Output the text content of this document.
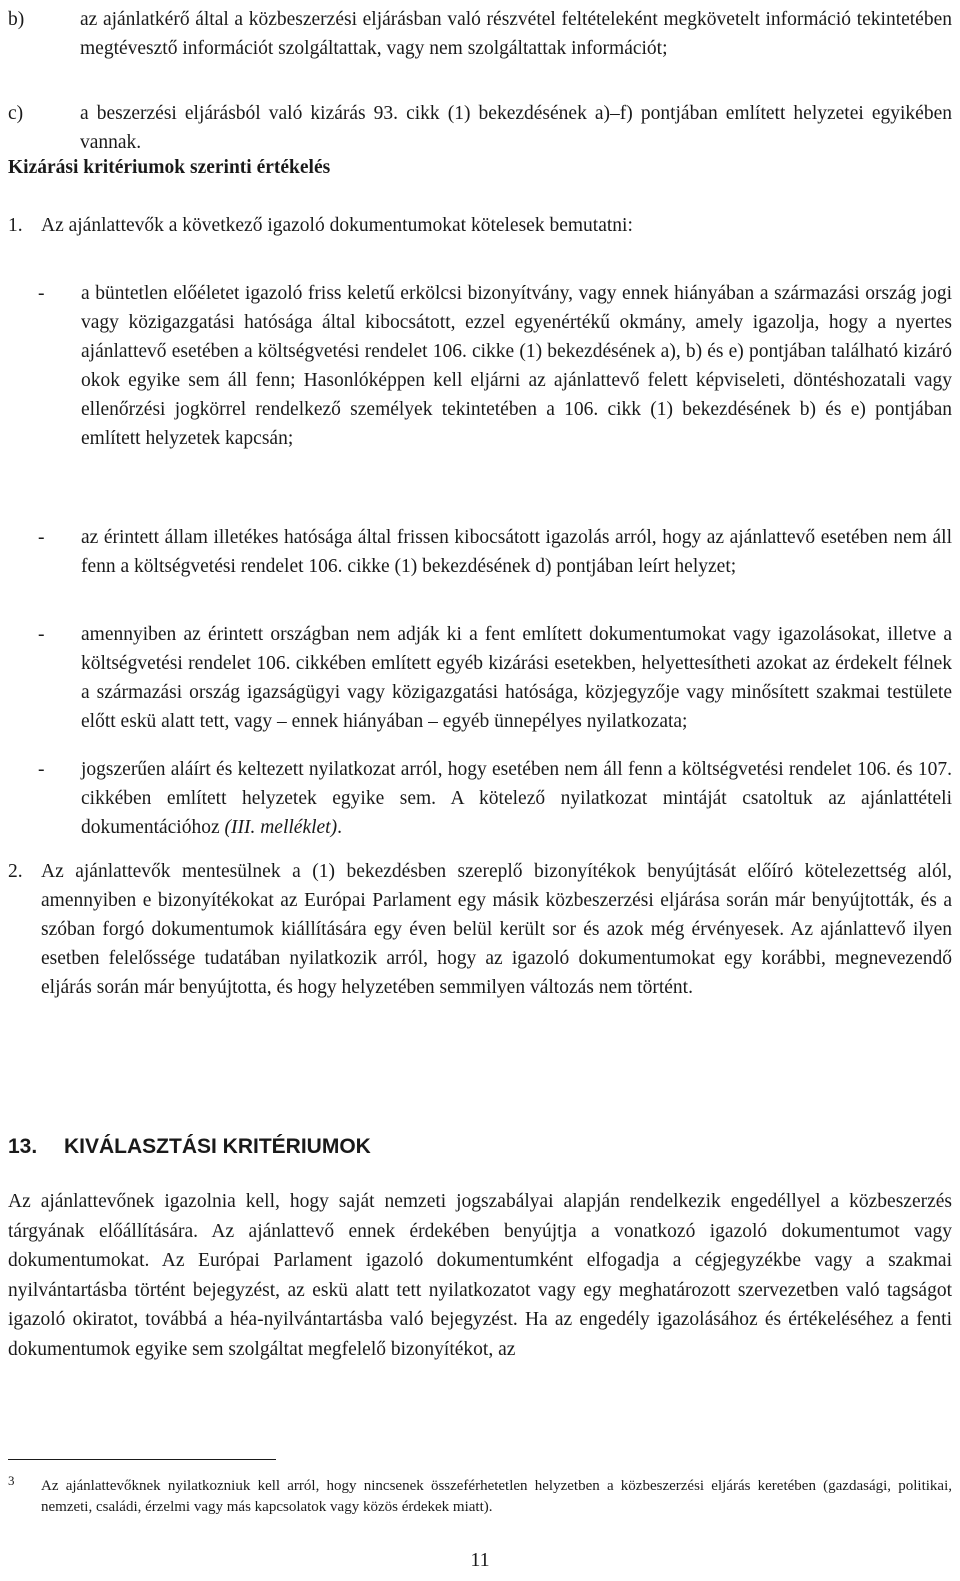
b)	az ajánlatkérő által a közbeszerzési eljárásban való részvétel feltételeként megkövetelt információ tekintetében megtévesztő információt szolgáltattak, vagy nem szolgáltattak információt;
c)	a beszerzési eljárásból való kizárás 93. cikk (1) bekezdésének a)–f) pontjában említett helyzetei egyikében vannak.
Kizárási kritériumok szerinti értékelés
1. Az ajánlattevők a következő igazoló dokumentumokat kötelesek bemutatni:
- a büntetlen előéletet igazoló friss keletű erkölcsi bizonyítvány, vagy ennek hiányában a származási ország jogi vagy közigazgatási hatósága által kibocsátott, ezzel egyenértékű okmány, amely igazolja, hogy a nyertes ajánlattevő esetében a költségvetési rendelet 106. cikke (1) bekezdésének a), b) és e) pontjában található kizáró okok egyike sem áll fenn; Hasonlóképpen kell eljárni az ajánlattevő felett képviseleti, döntéshozatali vagy ellenőrzési jogkörrel rendelkező személyek tekintetében a 106. cikk (1) bekezdésének b) és e) pontjában említett helyzetek kapcsán;
- az érintett állam illetékes hatósága által frissen kibocsátott igazolás arról, hogy az ajánlattevő esetében nem áll fenn a költségvetési rendelet 106. cikke (1) bekezdésének d) pontjában leírt helyzet;
- amennyiben az érintett országban nem adják ki a fent említett dokumentumokat vagy igazolásokat, illetve a költségvetési rendelet 106. cikkében említett egyéb kizárási esetekben, helyettesítheti azokat az érdekelt félnek a származási ország igazságügyi vagy közigazgatási hatósága, közjegyzője vagy minősített szakmai testülete előtt eskü alatt tett, vagy – ennek hiányában – egyéb ünnepélyes nyilatkozata;
- jogszerűen aláírt és keltezett nyilatkozat arról, hogy esetében nem áll fenn a költségvetési rendelet 106. és 107. cikkében említett helyzetek egyike sem. A kötelező nyilatkozat mintáját csatoltuk az ajánlattételi dokumentációhoz (III. melléklet).
2. Az ajánlattevők mentesülnek a (1) bekezdésben szereplő bizonyítékok benyújtását előíró kötelezettség alól, amennyiben e bizonyítékokat az Európai Parlament egy másik közbeszerzési eljárása során már benyújtották, és a szóban forgó dokumentumok kiállítására egy éven belül került sor és azok még érvényesek. Az ajánlattevő ilyen esetben felelőssége tudatában nyilatkozik arról, hogy az igazoló dokumentumokat egy korábbi, megnevezendő eljárás során már benyújtotta, és hogy helyzetében semmilyen változás nem történt.
13. KIVÁLASZTÁSI KRITÉRIUMOK
Az ajánlattevőnek igazolnia kell, hogy saját nemzeti jogszabályai alapján rendelkezik engedéllyel a közbeszerzés tárgyának előállítására. Az ajánlattevő ennek érdekében benyújtja a vonatkozó igazoló dokumentumot vagy dokumentumokat. Az Európai Parlament igazoló dokumentumként elfogadja a cégjegyzékbe vagy a szakmai nyilvántartásba történt bejegyzést, az eskü alatt tett nyilatkozatot vagy egy meghatározott szervezetben való tagságot igazoló okiratot, továbbá a héa-nyilvántartásba való bejegyzést. Ha az engedély igazolásához és értékeléséhez a fenti dokumentumok egyike sem szolgáltat megfelelő bizonyítékot, az
3 Az ajánlattevőknek nyilatkozniuk kell arról, hogy nincsenek összeférhetetlen helyzetben a közbeszerzési eljárás keretében (gazdasági, politikai, nemzeti, családi, érzelmi vagy más kapcsolatok vagy közös érdekek miatt).
11
